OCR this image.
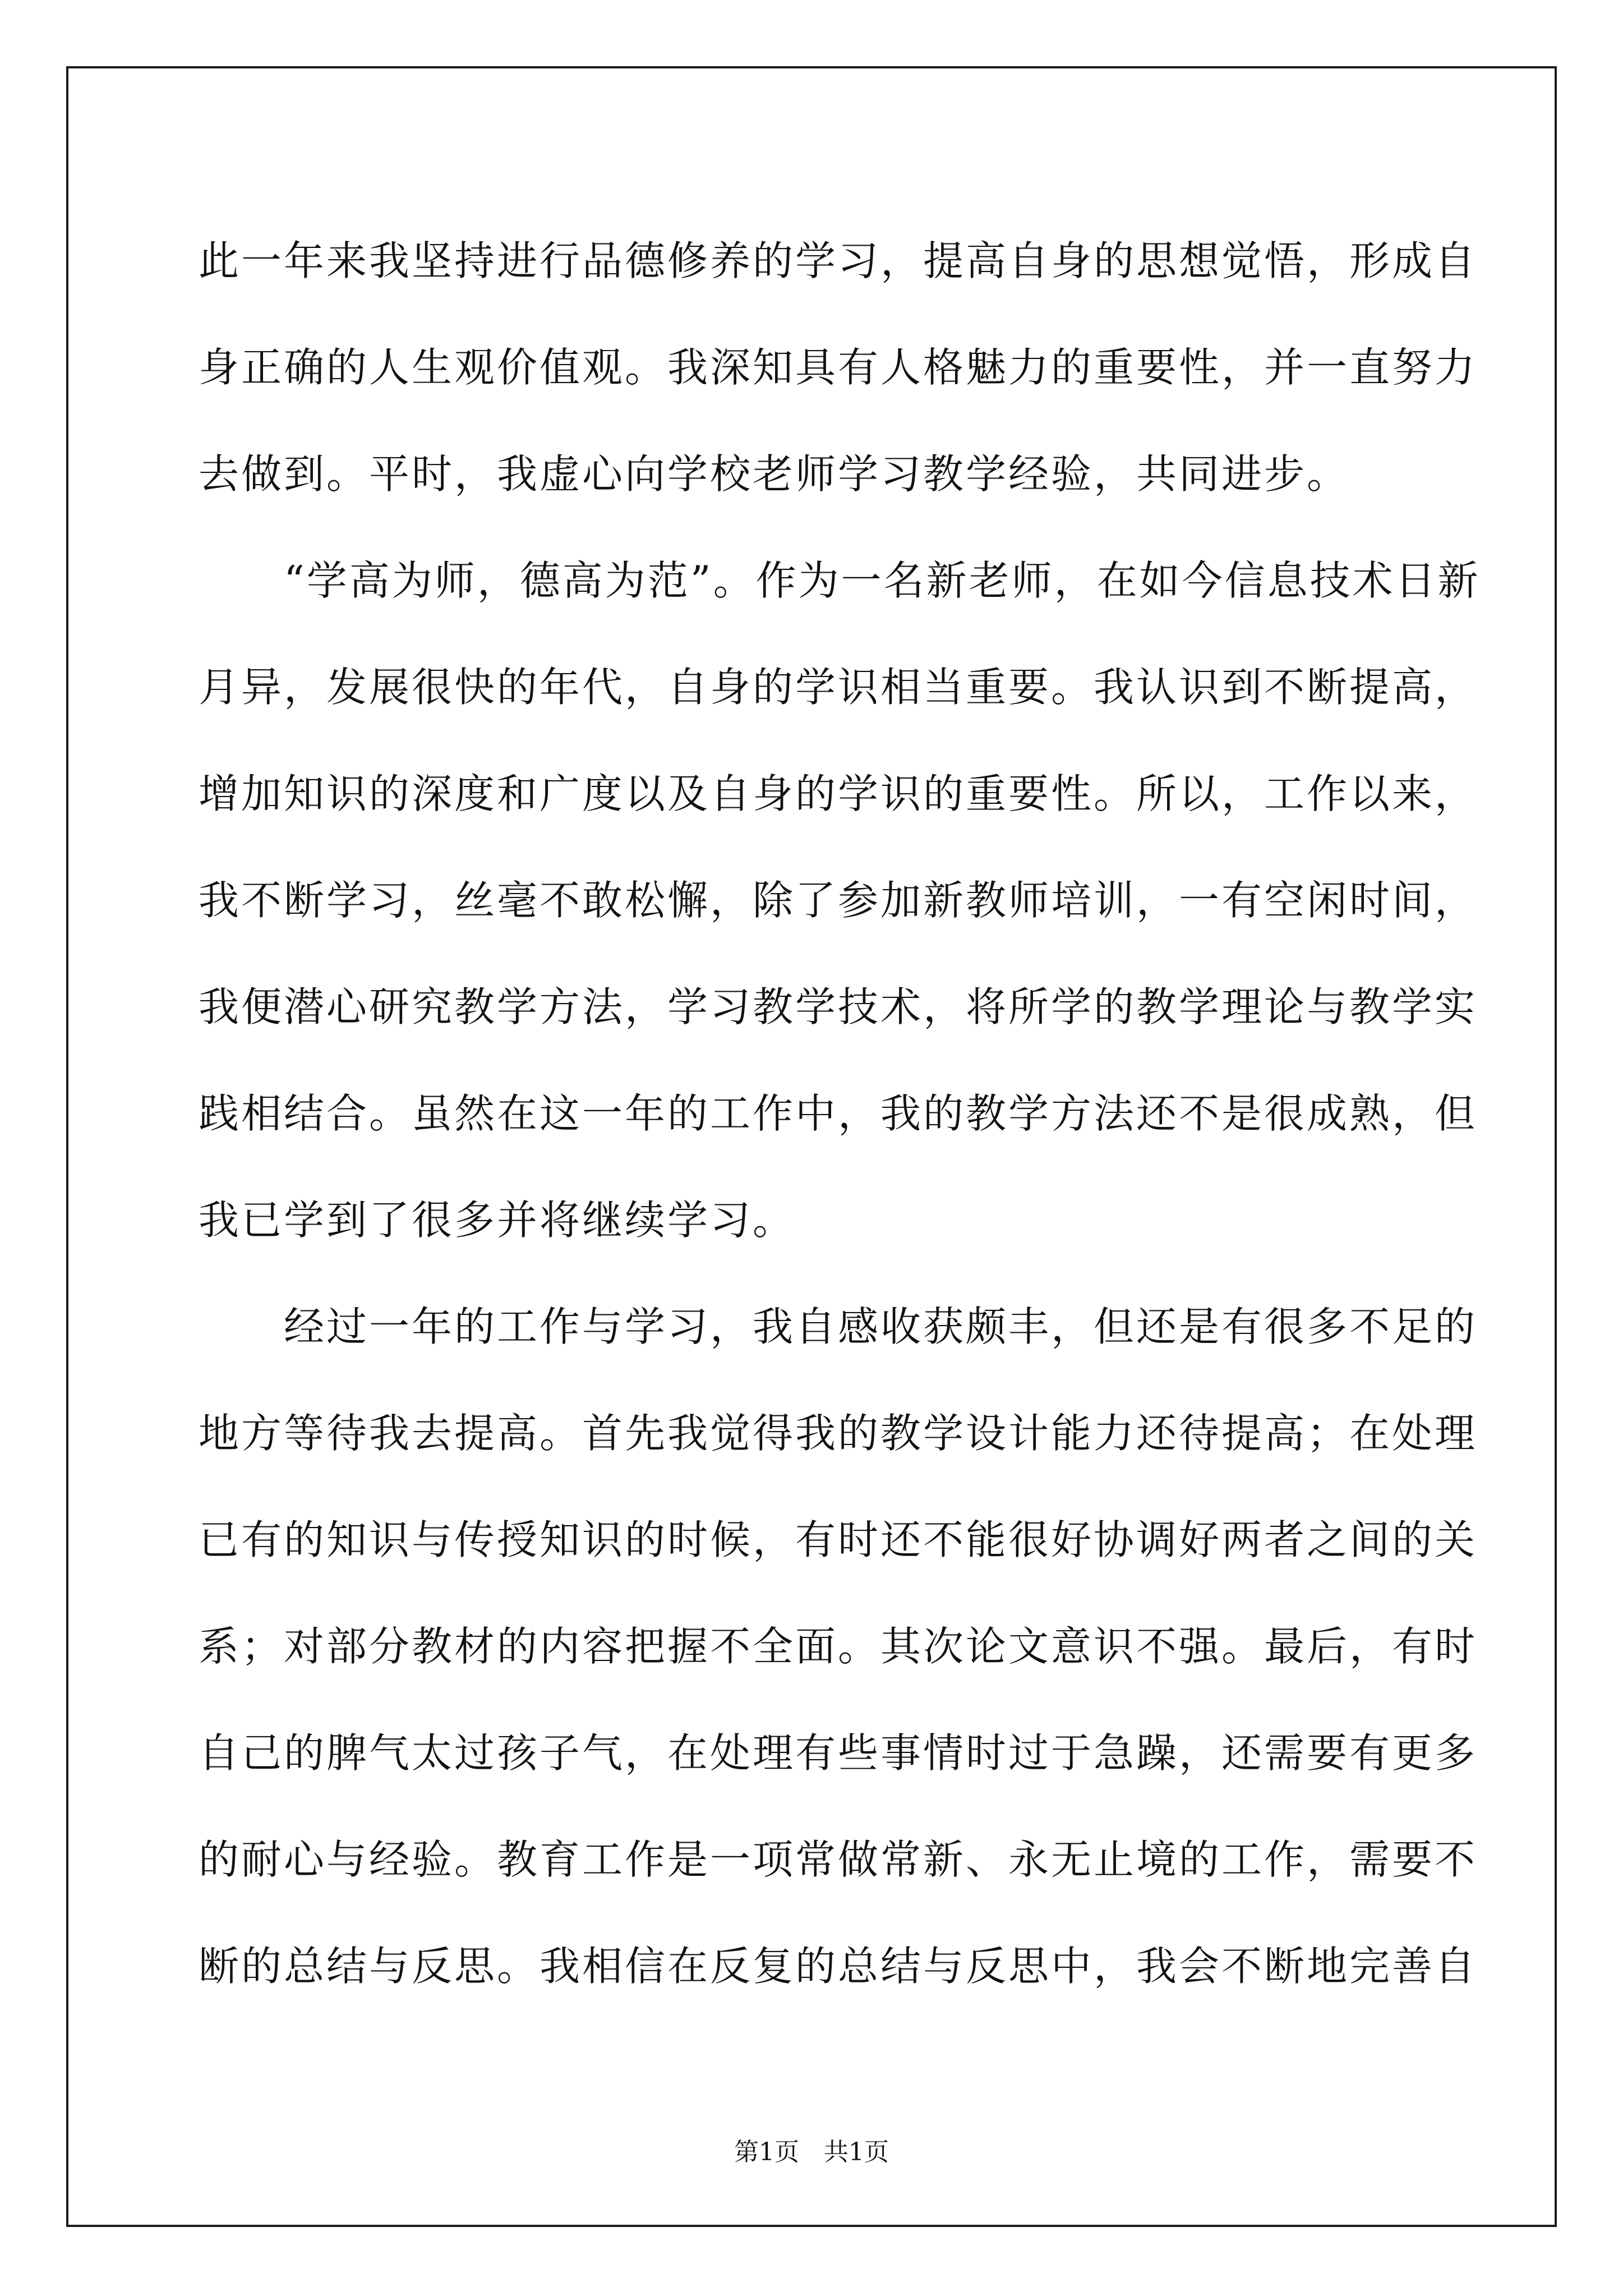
此一年来我坚持进行品德修养的学习，提高自身的思想觉悟，形成自
身正确的人生观价值观。我深知具有人格魅力的重要性，并一直努力
去做到。平时，我虚心向学校老师学习教学经验，共同进步。
　　“学高为师，德高为范”。作为一名新老师，在如今信息技术日新
月异，发展很快的年代，自身的学识相当重要。我认识到不断提高，
增加知识的深度和广度以及自身的学识的重要性。所以，工作以来，
我不断学习，丝毫不敢松懈，除了参加新教师培训，一有空闲时间，
我便潜心研究教学方法，学习教学技术，将所学的教学理论与教学实
践相结合。虽然在这一年的工作中，我的教学方法还不是很成熟，但
我已学到了很多并将继续学习。
　　经过一年的工作与学习，我自感收获颇丰，但还是有很多不足的
地方等待我去提高。首先我觉得我的教学设计能力还待提高；在处理
已有的知识与传授知识的时候，有时还不能很好协调好两者之间的关
系；对部分教材的内容把握不全面。其次论文意识不强。最后，有时
自己的脾气太过孩子气，在处理有些事情时过于急躁，还需要有更多
的耐心与经验。教育工作是一项常做常新、永无止境的工作，需要不
断的总结与反思。我相信在反复的总结与反思中，我会不断地完善自
第1页　共1页
